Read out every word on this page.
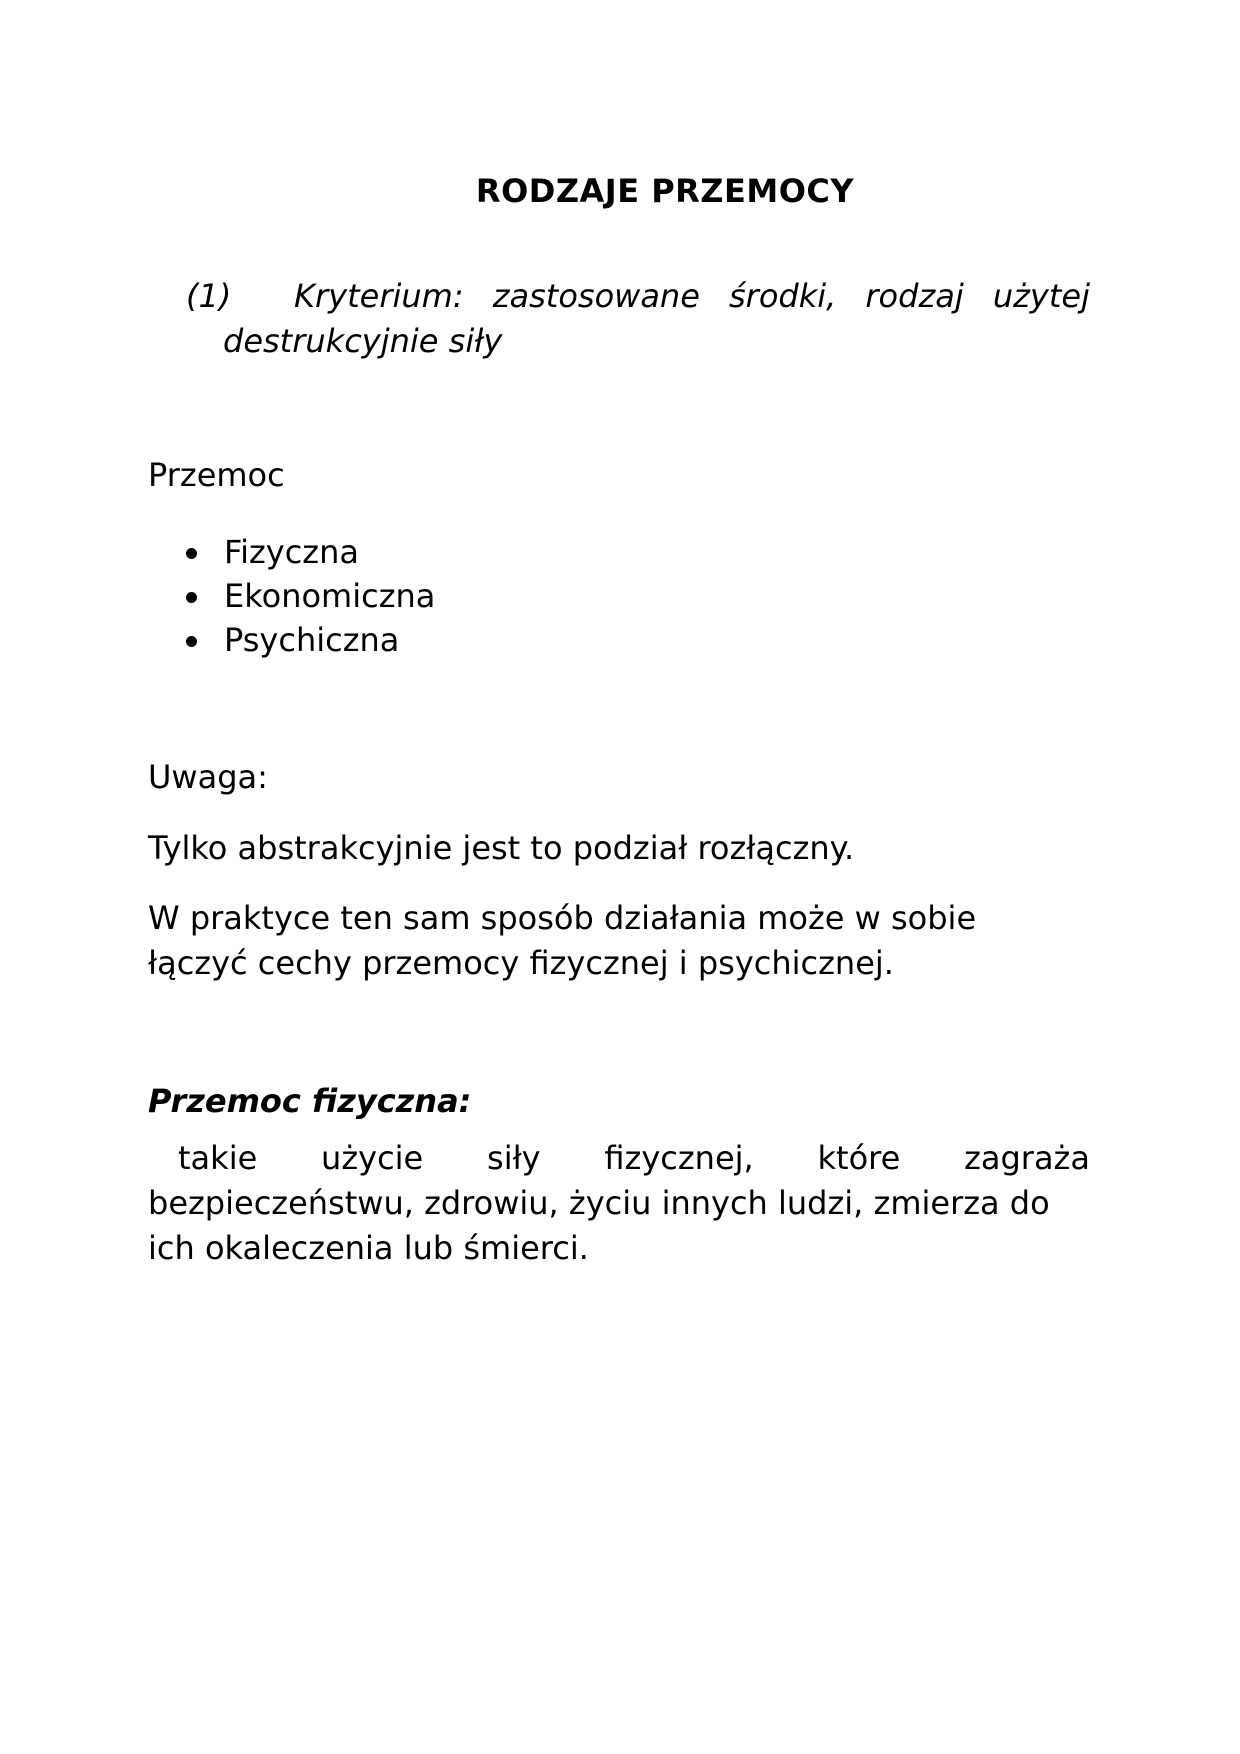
RODZAJE PRZEMOCY
(1)	Kryterium: zastosowane środki, rodzaj użytej
destrukcyjnie siły
Przemoc
Fizyczna
Ekonomiczna
Psychiczna
Uwaga:
Tylko abstrakcyjnie jest to podział rozłączny.
W praktyce ten sam sposób działania może w sobie
łączyć cechy przemocy fizycznej i psychicznej.
Przemoc fizyczna:
takie użycie siły fizycznej, które zagraża
bezpieczeństwu, zdrowiu, życiu innych ludzi, zmierza do
ich okaleczenia lub śmierci.
